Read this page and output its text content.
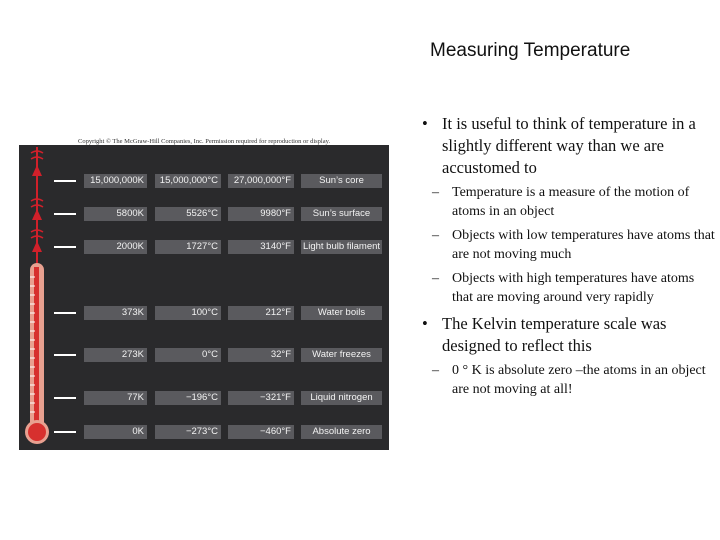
Measuring Temperature
• It is useful to think of temperature in a slightly different way than we are accustomed to
– Temperature is a measure of the motion of atoms in an object
– Objects with low temperatures have atoms that are not moving much
– Objects with high temperatures have atoms that are moving around very rapidly
• The Kelvin temperature scale was designed to reflect this
– 0 ° K is absolute zero –the atoms in an object are not moving at all!
Copyright © The McGraw-Hill Companies, Inc. Permission required for reproduction or display.
15,000,000K	15,000,000°C	27,000,000°F	Sun’s core
5800K	5526°C	9980°F	Sun’s surface
2000K	1727°C	3140°F	Light bulb filament
373K	100°C	212°F	Water boils
273K	0°C	32°F	Water freezes
77K	−196°C	−321°F	Liquid nitrogen
0K	−273°C	−460°F	Absolute zero
